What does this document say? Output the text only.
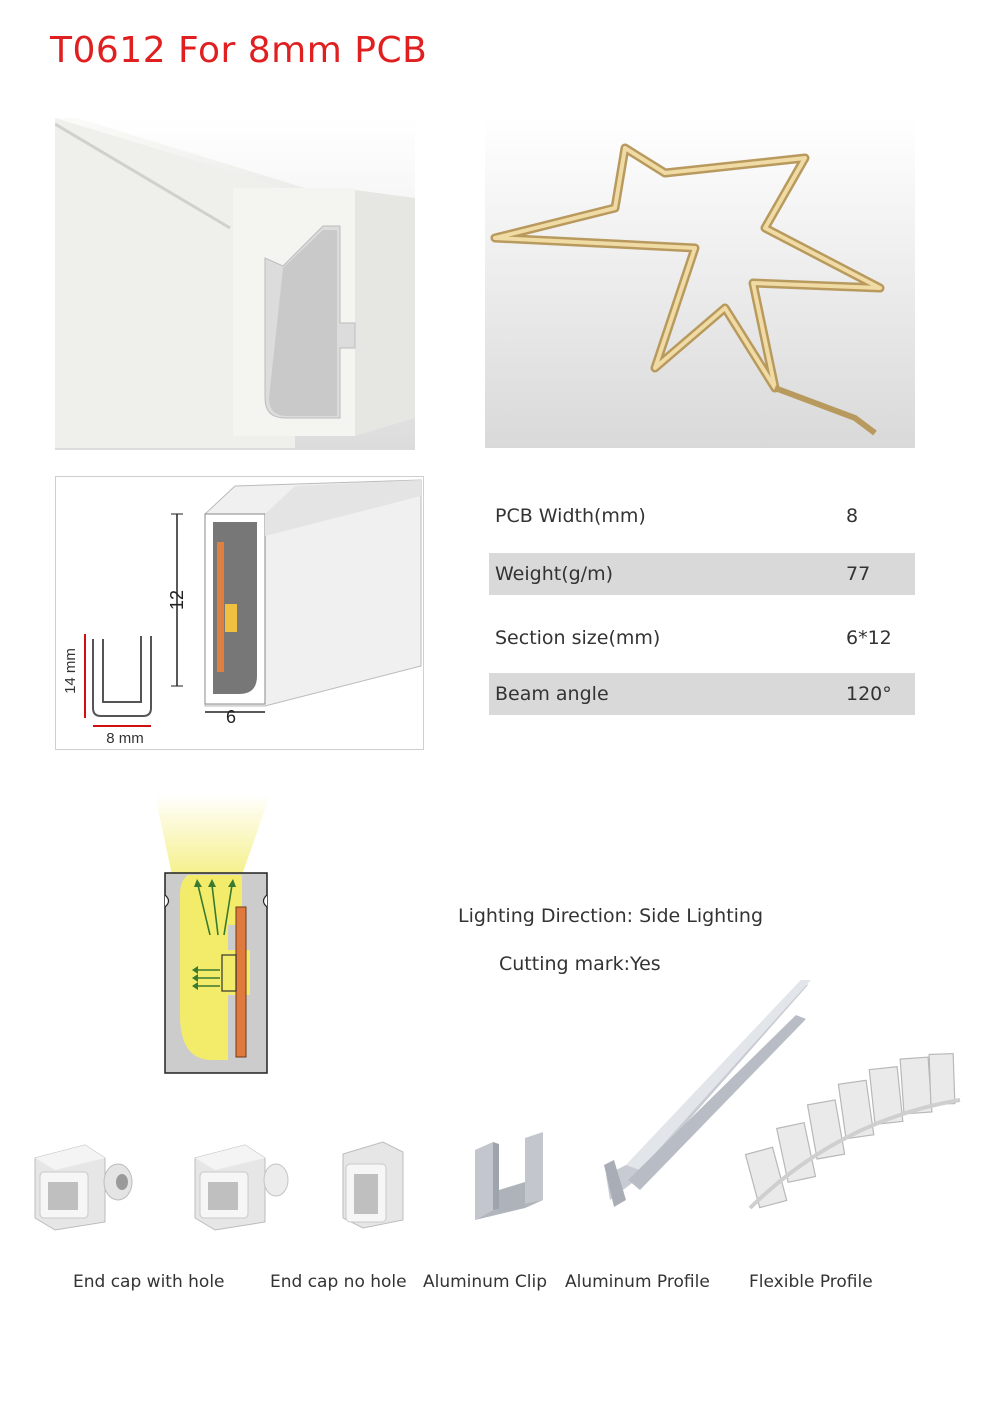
T0612 For 8mm PCB
14 mm
8 mm
12
6
PCB Width(mm)	8
Weight(g/m)	77
Section size(mm)	6*12
Beam angle	120°
Lighting Direction: Side Lighting
Cutting mark:Yes
End cap with hole	End cap no hole Aluminum Clip Aluminum Profile Flexible Profile
